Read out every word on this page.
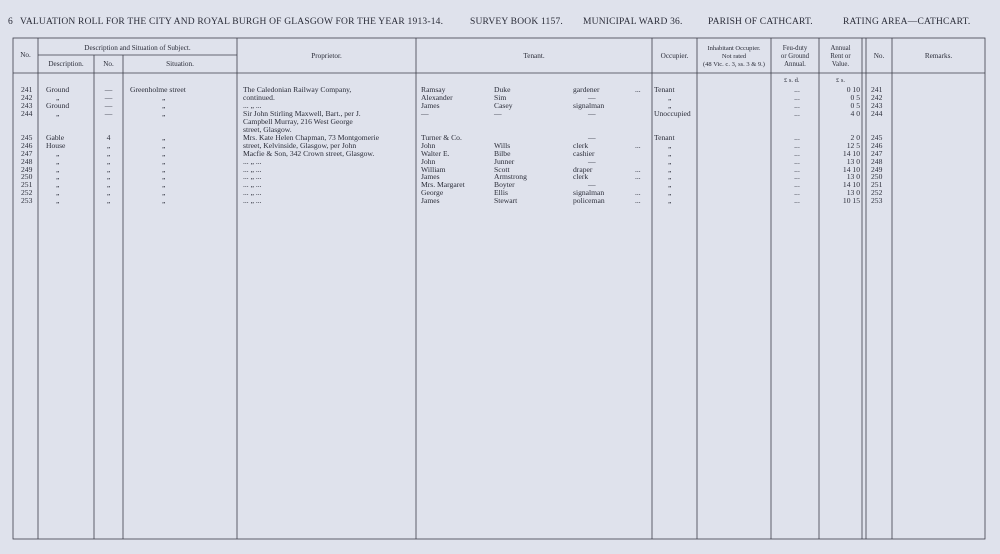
6 VALUATION ROLL FOR THE CITY AND ROYAL BURGH OF GLASGOW FOR THE YEAR 1913-14.	SURVEY BOOK 1157. MUNICIPAL WARD 36.	PARISH OF CATHCART.	RATING AREA—CATHCART.
No.
Description and Situation of Subject.
Description.	No.	Situation.
Proprietor.	Tenant.	Occupier.
Inhabitant Occupier.
Not rated
(48 Vic. c. 3, ss. 3 & 9.)
Feu-duty
or Ground
Annual.
Annual
Rent or
Value.
No.	Remarks.
£ s. d.	£ s.
241 Ground	—	Greenholme street	The Caledonian Railway Company,	Ramsay	Duke	gardener	... Tenant	...	0 10 241
242	„	—	„	continued.	Alexander	Sim	—	„	...	0 5 242
243 Ground	—	„	... „ ...	James	Casey	signalman	„	...	0 5 243
244	„	—	„	Sir John Stirling Maxwell, Bart., per J.	—	—	—	Unoccupied	...	4 0 244
Campbell Murray, 216 West George
street, Glasgow.
245 Gable	4	„	Mrs. Kate Helen Chapman, 73 Montgomerie	Turner & Co.	—	Tenant	...	2 0 245
246 House	„	„	street, Kelvinside, Glasgow, per John	John	Wills	clerk	...	„	...	12 5 246
247	„	„	„	Macfie & Son, 342 Crown street, Glasgow.	Walter E.	Bilbe	cashier	„	...	14 10 247
248	„	„	„	... „ ...	John	Junner	—	„	...	13 0 248
249	„	„	„	... „ ...	William	Scott	draper	...	„	...	14 10 249
250	„	„	„	... „ ...	James	Armstrong	clerk	...	„	...	13 0 250
251	„	„	„	... „ ...	Mrs. Margaret	Boyter	—	„	...	14 10 251
252	„	„	„	... „ ...	George	Ellis	signalman	...	„	...	13 0 252
253	„	„	„	... „ ...	James	Stewart	policeman	...	„	...	10 15 253
